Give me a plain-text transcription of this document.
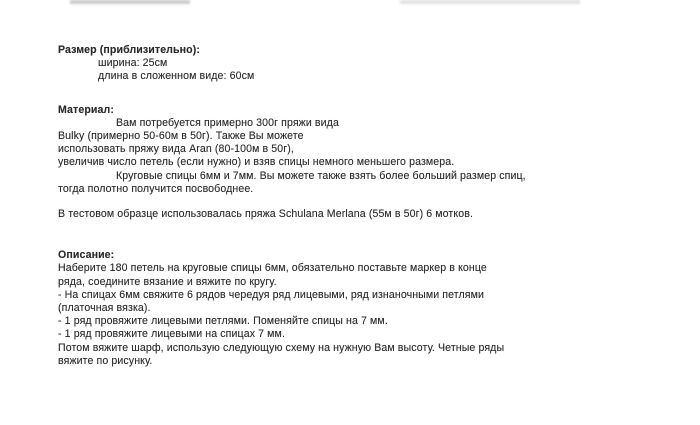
Размер (приблизительно):

ширина: 25см

длина в сложенном виде: 60см

Материал:

Вам потребуется примерно 300г пряжи вида

Bulky (примерно 50-60м в 50г). Также Вы можете

использовать пряжу вида Aran (80-100м в 50г),

увеличив число петель (если нужно) и взяв спицы немного меньшего размера.

Круговые спицы 6мм и 7мм. Вы можете также взять более больший размер спиц,

тогда полотно получится посвободнее.

В тестовом образце использовалась пряжа Schulana Merlana (55м в 50г) 6 мотков.

Описание:

Наберите 180 петель на круговые спицы 6мм, обязательно поставьте маркер в конце

ряда, соедините вязание и вяжите по кругу.

- На спицах 6мм свяжите 6 рядов чередуя ряд лицевыми, ряд изнаночными петлями

(платочная вязка).

- 1 ряд провяжите лицевыми петлями. Поменяйте спицы на 7 мм.

- 1 ряд провяжите лицевыми на спицах 7 мм.

Потом вяжите шарф, использую следующую схему на нужную Вам высоту. Четные ряды

вяжите по рисунку.
